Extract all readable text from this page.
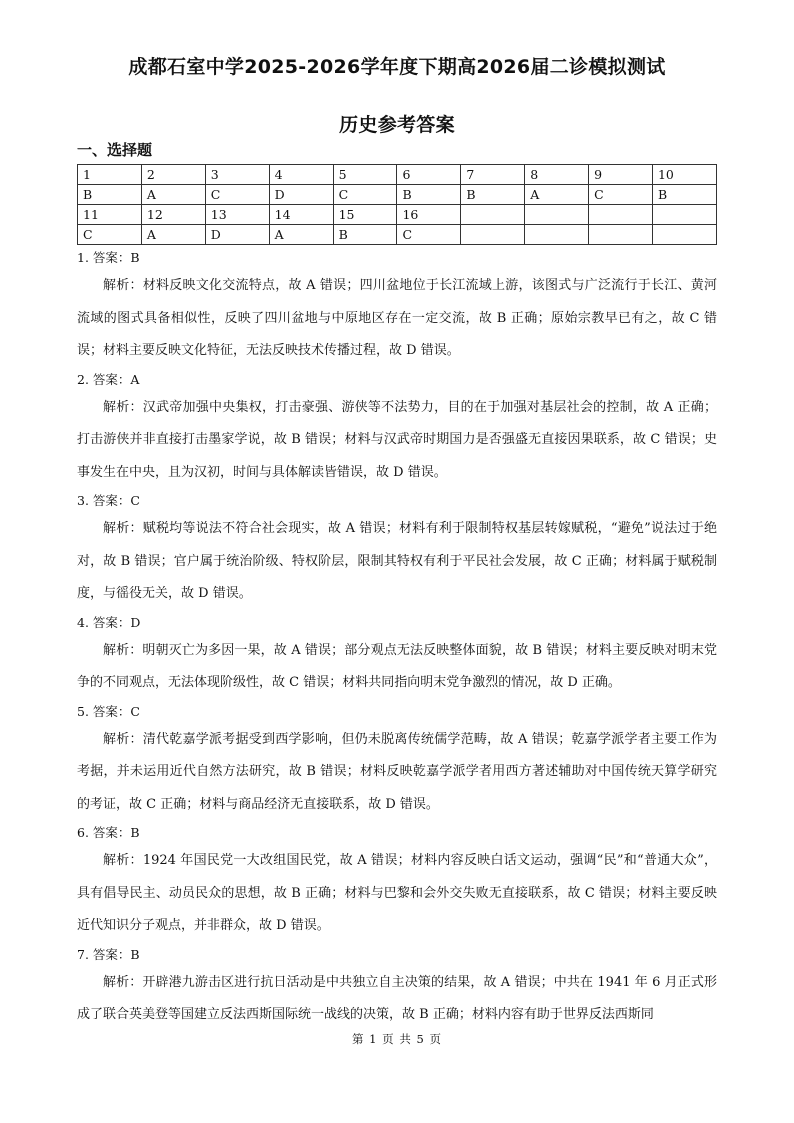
成都石室中学2025-2026学年度下期高2026届二诊模拟测试
历史参考答案
一、选择题
1	2	3	4	5	6	7	8	9	10
B	A	C	D	C	B	B	A	C	B
11	12	13	14	15	16				
C	A	D	A	B	C				

1. 答案：B

解析：材料反映文化交流特点，故 A 错误；四川盆地位于长江流域上游，该图式与广泛流行于长江、黄河流域的图式具备相似性，反映了四川盆地与中原地区存在一定交流，故 B 正确；原始宗教早已有之，故 C 错误；材料主要反映文化特征，无法反映技术传播过程，故 D 错误。

2. 答案：A

解析：汉武帝加强中央集权，打击豪强、游侠等不法势力，目的在于加强对基层社会的控制，故 A 正确；打击游侠并非直接打击墨家学说，故 B 错误；材料与汉武帝时期国力是否强盛无直接因果联系，故 C 错误；史事发生在中央，且为汉初，时间与具体解读皆错误，故 D 错误。

3. 答案：C

解析：赋税均等说法不符合社会现实，故 A 错误；材料有利于限制特权基层转嫁赋税，“避免”说法过于绝对，故 B 错误；官户属于统治阶级、特权阶层，限制其特权有利于平民社会发展，故 C 正确；材料属于赋税制度，与徭役无关，故 D 错误。

4. 答案：D

解析：明朝灭亡为多因一果，故 A 错误；部分观点无法反映整体面貌，故 B 错误；材料主要反映对明末党争的不同观点，无法体现阶级性，故 C 错误；材料共同指向明末党争激烈的情况，故 D 正确。

5. 答案：C

解析：清代乾嘉学派考据受到西学影响，但仍未脱离传统儒学范畴，故 A 错误；乾嘉学派学者主要工作为考据，并未运用近代自然方法研究，故 B 错误；材料反映乾嘉学派学者用西方著述辅助对中国传统天算学研究的考证，故 C 正确；材料与商品经济无直接联系，故 D 错误。

6. 答案：B

解析：1924 年国民党一大改组国民党，故 A 错误；材料内容反映白话文运动，强调“民”和“普通大众”，具有倡导民主、动员民众的思想，故 B 正确；材料与巴黎和会外交失败无直接联系，故 C 错误；材料主要反映近代知识分子观点，并非群众，故 D 错误。

7. 答案：B

解析：开辟港九游击区进行抗日活动是中共独立自主决策的结果，故 A 错误；中共在 1941 年 6 月正式形成了联合英美登等国建立反法西斯国际统一战线的决策，故 B 正确；材料内容有助于世界反法西斯同

第 1 页 共 5 页
